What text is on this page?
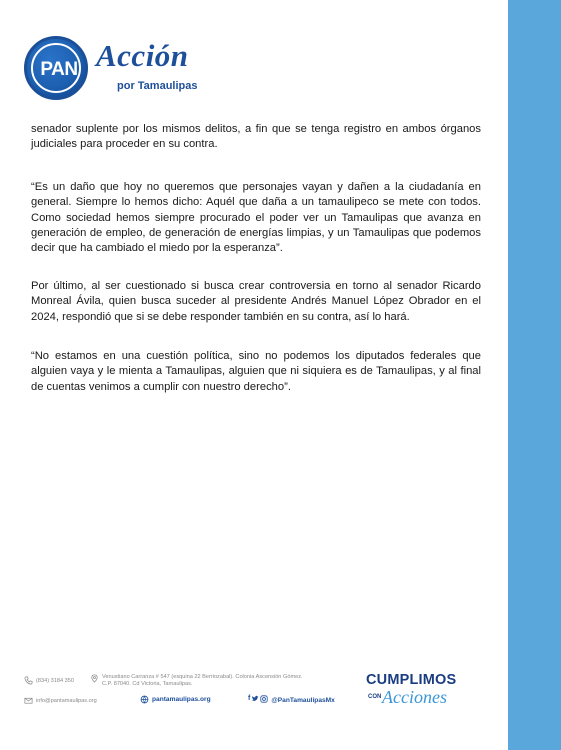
PAN Acción
por Tamaulipas

senador suplente por los mismos delitos, a fin que se tenga registro en ambos órganos judiciales para proceder en su contra.

“Es un daño que hoy no queremos que personajes vayan y dañen a la ciudadanía en general. Siempre lo hemos dicho: Aquél que daña a un tamaulipeco se mete con todos. Como sociedad hemos siempre procurado el poder ver un Tamaulipas que avanza en generación de empleo, de generación de energías limpias, y un Tamaulipas que podemos decir que ha cambiado el miedo por la esperanza”.

Por último, al ser cuestionado si busca crear controversia en torno al senador Ricardo Monreal Ávila, quien busca suceder al presidente Andrés Manuel López Obrador en el 2024, respondió que si se debe responder también en su contra, así lo hará.

“No estamos en una cuestión política, sino no podemos los diputados federales que alguien vaya y le mienta a Tamaulipas, alguien que ni siquiera es de Tamaulipas, y al final de cuentas venimos a cumplir con nuestro derecho”.

(834) 3184 350
Venustiano Carranza # 547 (esquina 22 Berriozabal). Colonia Ascensión Gómez.
C.P. 87040. Cd Victoria, Tamaulipas.
info@pantamaulipas.org	pantamaulipas.org	f	@PanTamaulipasMx
CUMPLIMOS
CON Acciones
